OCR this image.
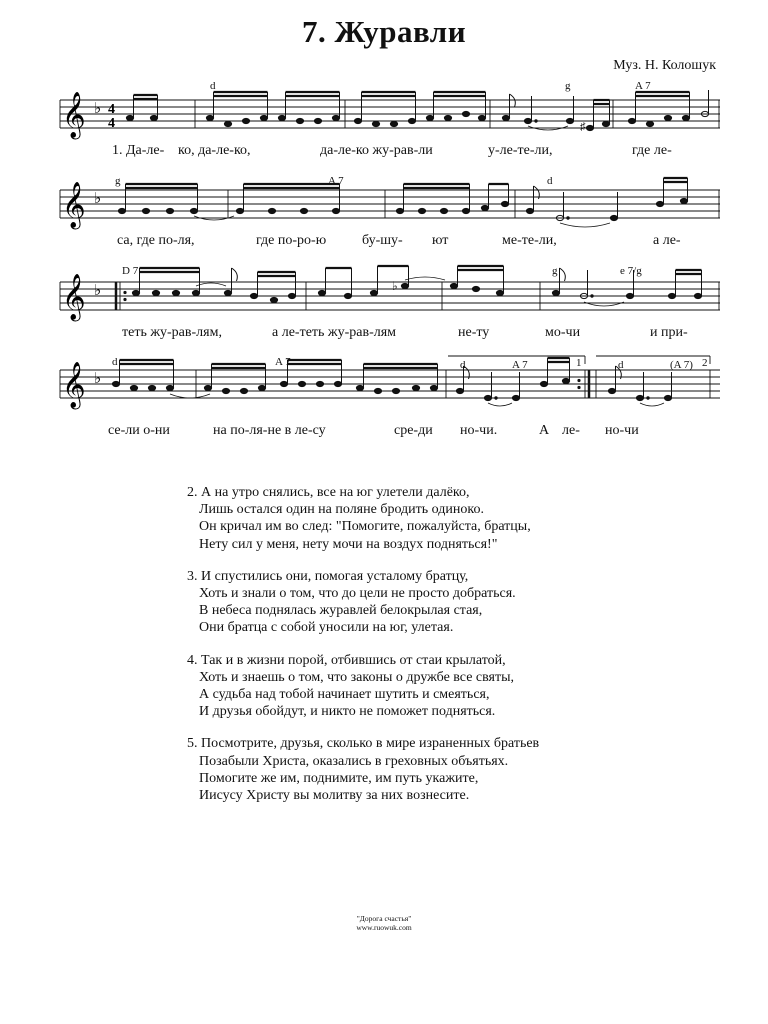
7. Журавли
Муз. Н. Колошук
𝄞 ♭ 4
4	♯
d	g	A 7
1. Да-ле- ко, да-ле-ко,	да-ле-ко жу-рав-ли	у-ле-те-ли,	где ле-
𝄞 ♭
g	A 7	d
са, где по-ля,	где по-ро-ю	бу-шу- ют	ме-те-ли,	а ле-
𝄞 ♭	♭
D 7	g	e 7/g
теть жу-рав-лям,	а ле-теть жу-рав-лям	не-ту	мо-чи	и при-
𝄞 ♭
1	2
d	A 7	d	A 7	d	(A 7)
се-ли о-ни	на по-ля-не в ле-су	сре-ди но-чи.	А ле- но-чи
2. А на утро снялись, все на юг улетели далёко,
Лишь остался один на поляне бродить одиноко.
Он кричал им во след: "Помогите, пожалуйста, братцы,
Нету сил у меня, нету мочи на воздух подняться!"
3. И спустились они, помогая усталому братцу,
Хоть и знали о том, что до цели не просто добраться.
В небеса поднялась журавлей белокрылая стая,
Они братца с собой уносили на юг, улетая.
4. Так и в жизни порой, отбившись от стаи крылатой,
Хоть и знаешь о том, что законы о дружбе все святы,
А судьба над тобой начинает шутить и смеяться,
И друзья обойдут, и никто не поможет подняться.
5. Посмотрите, друзья, сколько в мире израненных братьев
Позабыли Христа, оказались в греховных объятьях.
Помогите же им, поднимите, им путь укажите,
Иисусу Христу вы молитву за них вознесите.
"Дорога счастья"
www.ruowuk.com
